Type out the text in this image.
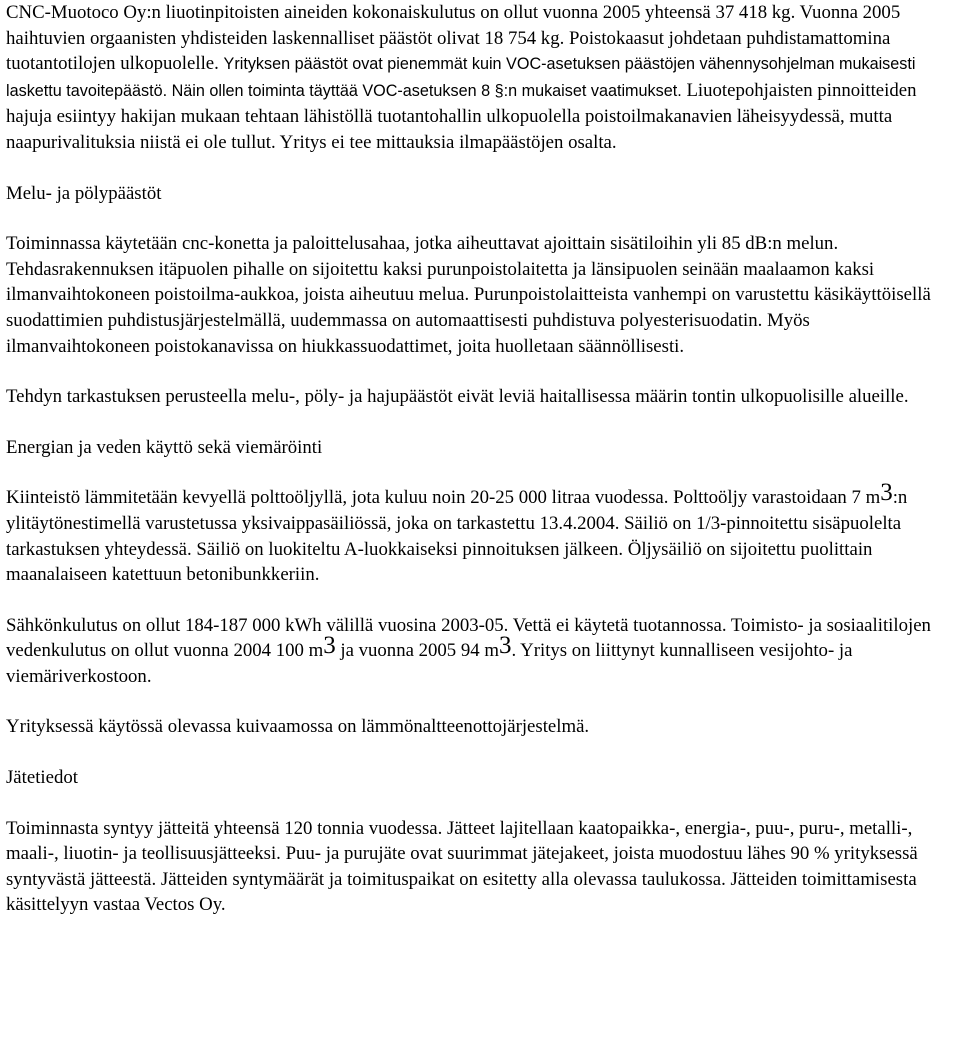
CNC-Muotoco Oy:n liuotinpitoisten aineiden kokonaiskulutus on ollut vuonna 2005 yhteensä 37 418 kg. Vuonna 2005 haihtuvien orgaanisten yhdisteiden laskennalliset päästöt olivat 18 754 kg. Poistokaasut johdetaan puhdistamattomina tuotantotilojen ulkopuolelle. Yrityksen päästöt ovat pienemmät kuin VOC-asetuksen päästöjen vähennysohjelman mukaisesti laskettu tavoitepäästö. Näin ollen toiminta täyttää VOC-asetuksen 8 §:n mukaiset vaatimukset. Liuotepohjaisten pinnoitteiden hajuja esiintyy hakijan mukaan tehtaan lähistöllä tuotantohallin ulkopuolella poistoilmakanavien läheisyydessä, mutta naapurivalituksia niistä ei ole tullut. Yritys ei tee mittauksia ilmapäästöjen osalta.

Melu- ja pölypäästöt

Toiminnassa käytetään cnc-konetta ja paloittelusahaa, jotka aiheuttavat ajoittain sisätiloihin yli 85 dB:n melun. Tehdasrakennuksen itäpuolen pihalle on sijoitettu kaksi purunpoistolaitetta ja länsipuolen seinään maalaamon kaksi ilmanvaihtokoneen poistoilma-aukkoa, joista aiheutuu melua. Purunpoistolaitteista vanhempi on varustettu käsikäyttöisellä suodattimien puhdistusjärjestelmällä, uudemmassa on automaattisesti puhdistuva polyesterisuodatin. Myös ilmanvaihtokoneen poistokanavissa on hiukkassuodattimet, joita huolletaan säännöllisesti.

Tehdyn tarkastuksen perusteella melu-, pöly- ja hajupäästöt eivät leviä haitallisessa määrin tontin ulkopuolisille alueille.

Energian ja veden käyttö sekä viemäröinti

Kiinteistö lämmitetään kevyellä polttoöljyllä, jota kuluu noin 20-25 000 litraa vuodessa. Polttoöljy varastoidaan 7 m3:n ylitäytönestimellä varustetussa yksivaippasäiliössä, joka on tarkastettu 13.4.2004. Säiliö on 1/3-pinnoitettu sisäpuolelta tarkastuksen yhteydessä. Säiliö on luokiteltu A-luokkaiseksi pinnoituksen jälkeen. Öljysäiliö on sijoitettu puolittain maanalaiseen katettuun betonibunkkeriin.

Sähkönkulutus on ollut 184-187 000 kWh välillä vuosina 2003-05. Vettä ei käytetä tuotannossa. Toimisto- ja sosiaalitilojen vedenkulutus on ollut vuonna 2004 100 m3 ja vuonna 2005 94 m3. Yritys on liittynyt kunnalliseen vesijohto- ja viemäriverkostoon.

Yrityksessä käytössä olevassa kuivaamossa on lämmönaltteenottojärjestelmä.

Jätetiedot

Toiminnasta syntyy jätteitä yhteensä 120 tonnia vuodessa. Jätteet lajitellaan kaatopaikka-, energia-, puu-, puru-, metalli-, maali-, liuotin- ja teollisuusjätteeksi. Puu- ja purujäte ovat suurimmat jätejakeet, joista muodostuu lähes 90 % yrityksessä syntyvästä jätteestä. Jätteiden syntymäärät ja toimituspaikat on esitetty alla olevassa taulukossa. Jätteiden toimittamisesta käsittelyyn vastaa Vectos Oy.
